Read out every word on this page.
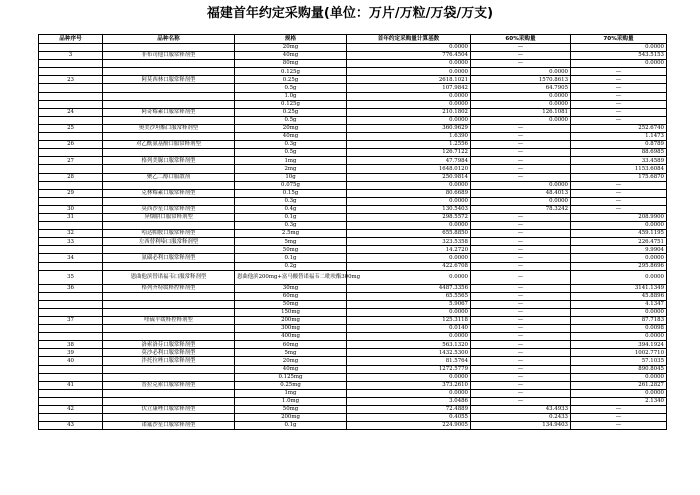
福建首年约定采购量(单位：万片/万粒/万袋/万支)
品种序号	品种名称	规格	首年约定采购量计算基数	60%采购量	70%采购量
		20mg	0.0000	—	0.0000
3	非布司他口服常释剂型	40mg	776.4504	—	543.5153
		80mg	0.0000	—	0.0000
		0.125g	0.0000	0.0000	—
23	阿莫西林口服常释剂型	0.25g	2618.1021	1570.8613	—
		0.5g	107.9842	64.7905	—
		1.0g	0.0000	0.0000	—
		0.125g	0.0000	0.0000	—
24	阿奇霉素口服常释剂型	0.25g	210.1802	126.1081	—
		0.5g	0.0000	0.0000	—
25	奥美沙坦酯口服常释剂型	20mg	360.9629	—	252.6740
		40mg	1.6390	—	1.1473
26	对乙酰氨基酚口服常释剂型	0.3g	1.2556	—	0.8789
		0.5g	126.7122	—	88.6985
27	格列美脲口服常释剂型	1mg	47.7984	—	33.4589
		2mg	1648.0120	—	1153.6084
28	聚乙二醇口服散剂	10g	250.9814	—	175.6870
		0.075g	0.0000	0.0000	—
29	克林霉素口服常释剂型	0.15g	80.6689	48.4013	—
		0.3g	0.0000	0.0000	—
30	莫西沙星口服常释剂型	0.4g	130.5403	78.3242	—
31	异烟肼口服常释剂型	0.1g	298.5572	—	208.9900
		0.3g	0.0000	—	0.0000
32	吲达帕胺口服常释剂型	2.5mg	655.8850	—	459.1195
33	左西替利嗪口服常释剂型	5mg	323.5358	—	226.4751
		50mg	14.2720	—	9.9904
34	氨磺必利口服常释剂型	0.1g	0.0000	—	0.0000
		0.2g	422.6708	—	295.8696
35	恩曲他滨替诺福韦口服常释剂型	恩曲他滨200mg+富马酸替诺福韦二吡呋酯300mg	0.0000	—	0.0000
36	格列齐特缓释控释剂型	30mg	4487.3356	—	3141.1349
		60mg	65.5565	—	45.8896
		50mg	5.9067	—	4.1347
		150mg	0.0000	—	0.0000
37	喹硫平缓释控释剂型	200mg	125.3118	—	87.7183
		300mg	0.0140	—	0.0098
		400mg	0.0000	—	0.0000
38	洛索洛芬口服常释剂型	60mg	563.1320	—	394.1924
39	莫沙必利口服常释剂型	5mg	1432.5300	—	1002.7710
40	泮托拉唑口服常释剂型	20mg	81.5764	—	57.1035
		40mg	1272.5779	—	890.8045
		0.125mg	0.0000	—	0.0000
41	普拉克索口服常释剂型	0.25mg	373.2610	—	261.2827
		1mg	0.0000	—	0.0000
		1.0mg	3.0486	—	2.1340
42	伏立康唑口服常释剂型	50mg	72.4889	43.4933	—
		200mg	0.4055	0.2433	—
43	诺氟沙星口服常释剂型	0.1g	224.9005	134.9403	—
